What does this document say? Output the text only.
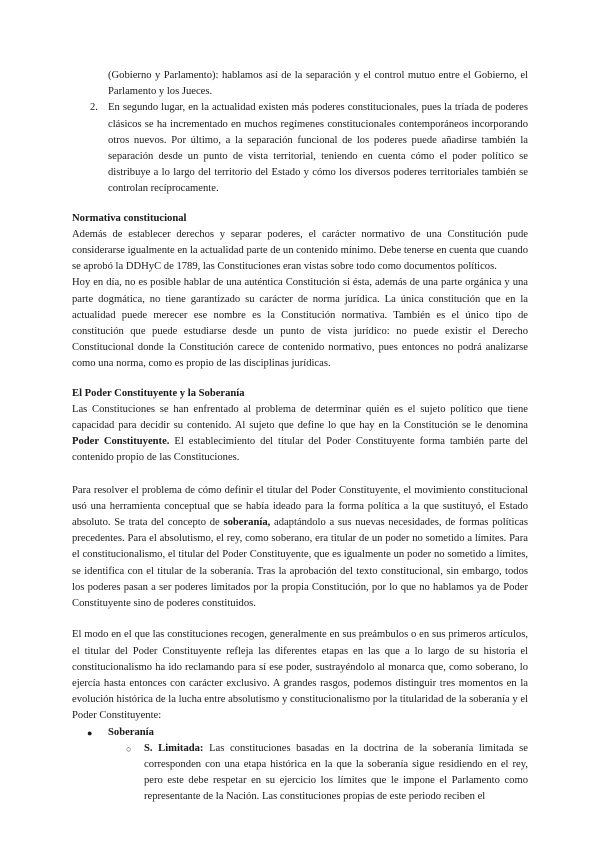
(Gobierno y Parlamento): hablamos así de la separación y el control mutuo entre el Gobierno, el Parlamento y los Jueces.

2. En segundo lugar, en la actualidad existen más poderes constitucionales, pues la tríada de poderes clásicos se ha incrementado en muchos regímenes constitucionales contemporáneos incorporando otros nuevos. Por último, a la separación funcional de los poderes puede añadirse también la separación desde un punto de vista territorial, teniendo en cuenta cómo el poder político se distribuye a lo largo del territorio del Estado y cómo los diversos poderes territoriales también se controlan recíprocamente.

Normativa constitucional

Además de establecer derechos y separar poderes, el carácter normativo de una Constitución pude considerarse igualmente en la actualidad parte de un contenido mínimo. Debe tenerse en cuenta que cuando se aprobó la DDHyC de 1789, las Constituciones eran vistas sobre todo como documentos políticos.

Hoy en día, no es posible hablar de una auténtica Constitución si ésta, además de una parte orgánica y una parte dogmática, no tiene garantizado su carácter de norma jurídica. La única constitución que en la actualidad puede merecer ese nombre es la Constitución normativa. También es el único tipo de constitución que puede estudiarse desde un punto de vista jurídico: no puede existir el Derecho Constitucional donde la Constitución carece de contenido normativo, pues entonces no podrá analizarse como una norma, como es propio de las disciplinas jurídicas.

El Poder Constituyente y la Soberanía

Las Constituciones se han enfrentado al problema de determinar quién es el sujeto político que tiene capacidad para decidir su contenido. Al sujeto que define lo que hay en la Constitución se le denomina Poder Constituyente. El establecimiento del titular del Poder Constituyente forma también parte del contenido propio de las Constituciones.

Para resolver el problema de cómo definir el titular del Poder Constituyente, el movimiento constitucional usó una herramienta conceptual que se había ideado para la forma política a la que sustituyó, el Estado absoluto. Se trata del concepto de soberanía, adaptándolo a sus nuevas necesidades, de formas políticas precedentes. Para el absolutismo, el rey, como soberano, era titular de un poder no sometido a límites. Para el constitucionalismo, el titular del Poder Constituyente, que es igualmente un poder no sometido a límites, se identifica con el titular de la soberanía. Tras la aprobación del texto constitucional, sin embargo, todos los poderes pasan a ser poderes limitados por la propia Constitución, por lo que no hablamos ya de Poder Constituyente sino de poderes constituidos.

El modo en el que las constituciones recogen, generalmente en sus preámbulos o en sus primeros artículos, el titular del Poder Constituyente refleja las diferentes etapas en las que a lo largo de su historia el constitucionalismo ha ido reclamando para sí ese poder, sustrayéndolo al monarca que, como soberano, lo ejercía hasta entonces con carácter exclusivo. A grandes rasgos, podemos distinguir tres momentos en la evolución histórica de la lucha entre absolutismo y constitucionalismo por la titularidad de la soberanía y el Poder Constituyente:

● Soberanía
○ S. Limitada: Las constituciones basadas en la doctrina de la soberanía limitada se corresponden con una etapa histórica en la que la soberanía sigue residiendo en el rey, pero este debe respetar en su ejercicio los límites que le impone el Parlamento como representante de la Nación. Las constituciones propias de este periodo reciben el
